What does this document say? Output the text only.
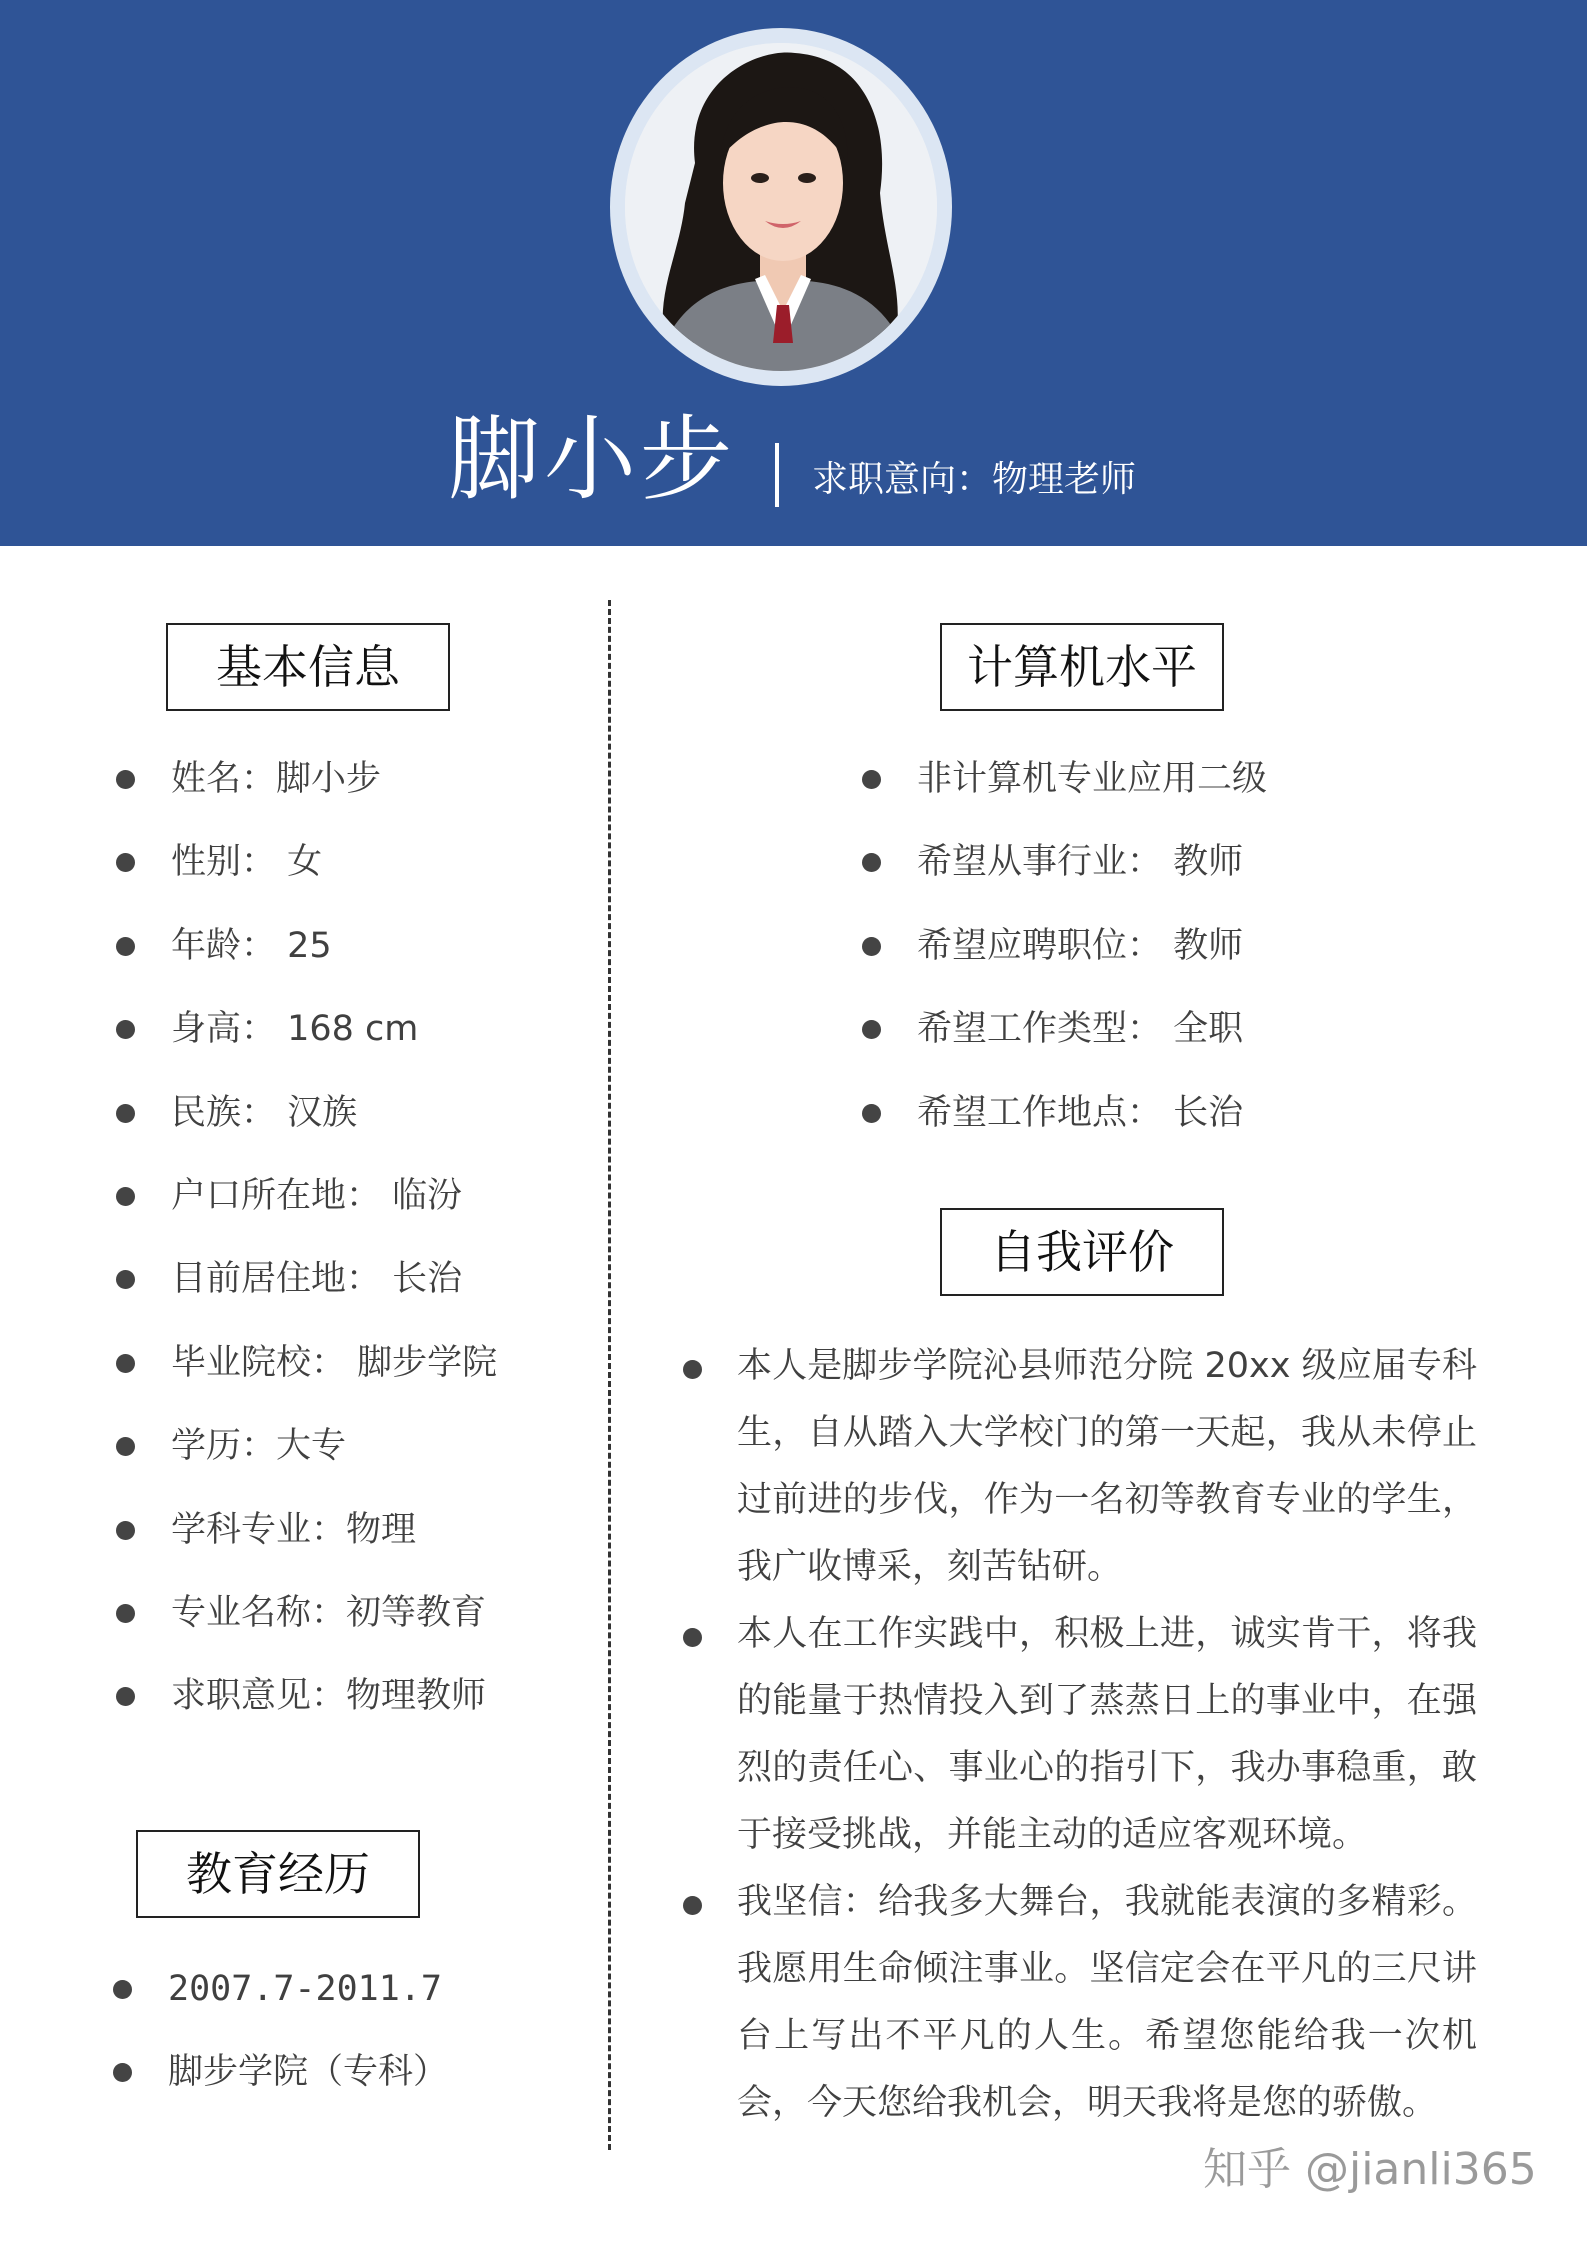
脚小步 求职意向：物理老师
基本信息
姓名：脚小步
性别： 女
年龄： 25
身高： 168 cm
民族： 汉族
户口所在地： 临汾
目前居住地： 长治
毕业院校： 脚步学院
学历：大专
学科专业：物理
专业名称：初等教育
求职意见：物理教师
教育经历
2007.7-2011.7
脚步学院（专科）
计算机水平
非计算机专业应用二级
希望从事行业： 教师
希望应聘职位： 教师
希望工作类型： 全职
希望工作地点： 长治
自我评价
本人是脚步学院沁县师范分院 20xx 级应届专科生，自从踏入大学校门的第一天起，我从未停止过前进的步伐，作为一名初等教育专业的学生，我广收博采，刻苦钻研。
本人在工作实践中，积极上进，诚实肯干，将我的能量于热情投入到了蒸蒸日上的事业中，在强烈的责任心、事业心的指引下，我办事稳重，敢于接受挑战，并能主动的适应客观环境。
我坚信：给我多大舞台，我就能表演的多精彩。我愿用生命倾注事业。坚信定会在平凡的三尺讲台上写出不平凡的人生。希望您能给我一次机会，今天您给我机会，明天我将是您的骄傲。
知乎 @jianli365
